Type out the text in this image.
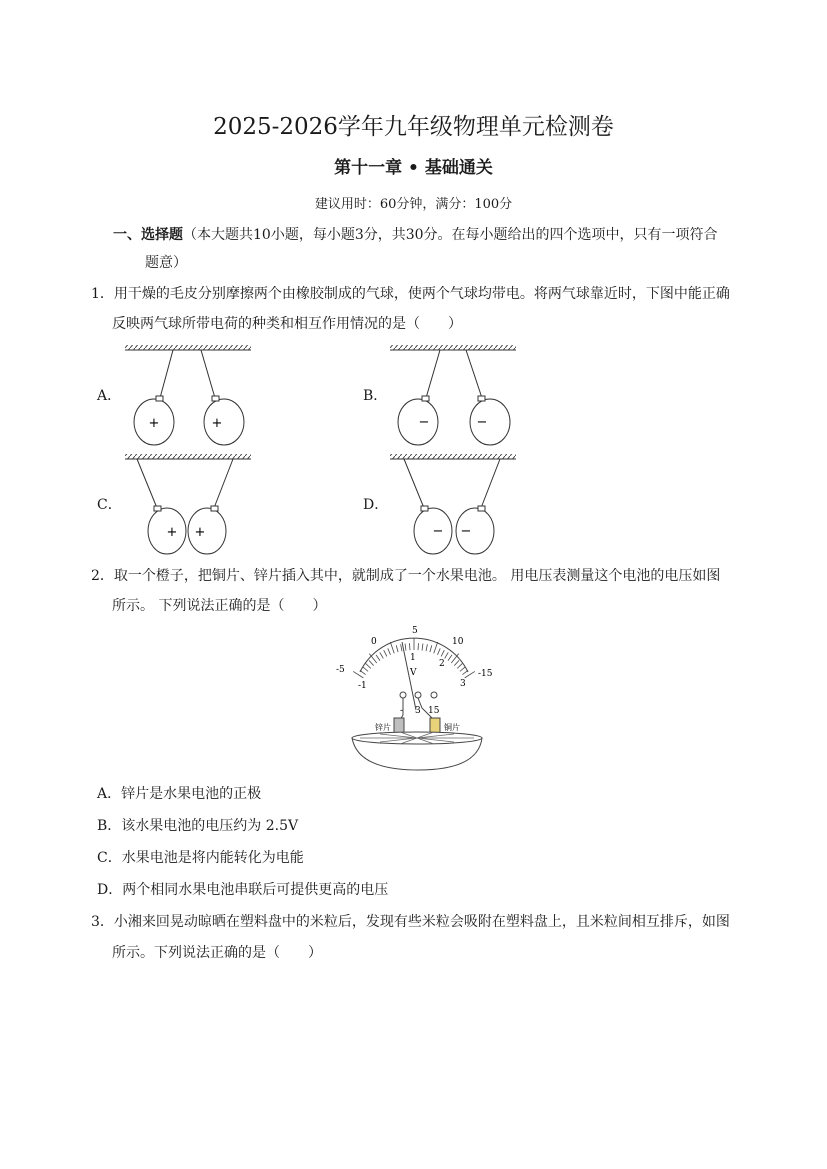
2025-2026学年九年级物理单元检测卷
第十一章 • 基础通关
建议用时：60分钟，满分：100分
一、选择题（本大题共10小题，每小题3分，共30分。在每小题给出的四个选项中，只有一项符合
题意）
1．用干燥的毛皮分别摩擦两个由橡胶制成的气球，使两个气球均带电。将两气球靠近时，下图中能正确
反映两气球所带电荷的种类和相互作用情况的是（　　）
A．	B．
C．	D．
+	+	−	−
+ +	− −
2．取一个橙子，把铜片、锌片插入其中，就制成了一个水果电池。 用电压表测量这个电池的电压如图
所示。 下列说法正确的是（　　）
0
5
10
-5	-15
-1
1
2
3
V
- 3 15
锌片	铜片
A．锌片是水果电池的正极
B．该水果电池的电压约为 2.5V
C．水果电池是将内能转化为电能
D．两个相同水果电池串联后可提供更高的电压
3．小湘来回晃动晾晒在塑料盘中的米粒后，发现有些米粒会吸附在塑料盘上，且米粒间相互排斥，如图
所示。下列说法正确的是（　　）
